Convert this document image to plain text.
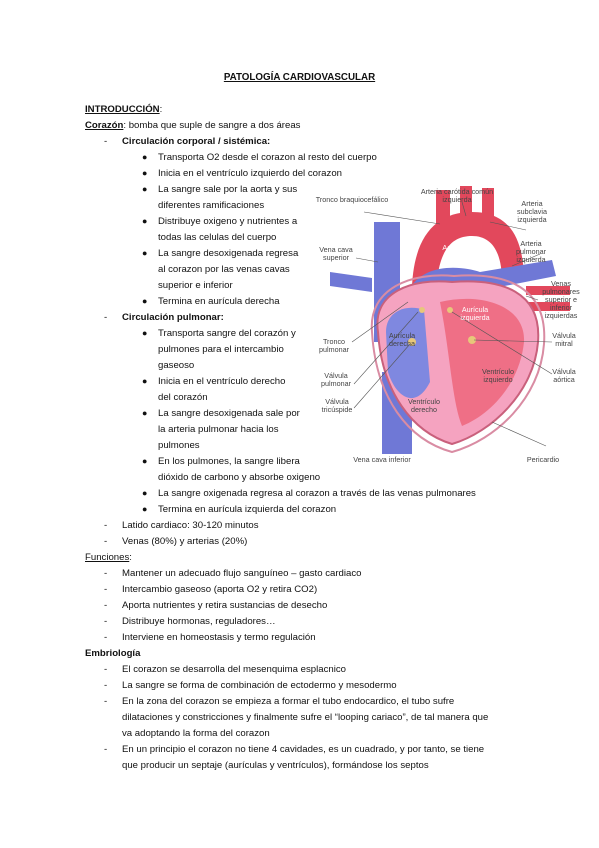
PATOLOGÍA CARDIOVASCULAR
INTRODUCCIÓN:
Corazón: bomba que suple de sangre a dos áreas
- Circulación corporal / sistémica:
● Transporta O2 desde el corazon al resto del cuerpo
● Inicia en el ventrículo izquierdo del corazon
● La sangre sale por la aorta y sus
diferentes ramificaciones
● Distribuye oxigeno y nutrientes a
todas las celulas del cuerpo
● La sangre desoxigenada regresa
al corazon por las venas cavas
superior e inferior
● Termina en aurícula derecha
- Circulación pulmonar:
● Transporta sangre del corazón y
pulmones para el intercambio
gaseoso
● Inicia en el ventrículo derecho
del corazón
● La sangre desoxigenada sale por
la arteria pulmonar hacia los
pulmones
● En los pulmones, la sangre libera
dióxido de carbono y absorbe oxigeno
● La sangre oxigenada regresa al corazon a través de las venas pulmonares
● Termina en aurícula izquierda del corazon
- Latido cardiaco: 30-120 minutos
- Venas (80%) y arterias (20%)
Funciones:
- Mantener un adecuado flujo sanguíneo – gasto cardiaco
- Intercambio gaseoso (aporta O2 y retira CO2)
- Aporta nutrientes y retira sustancias de desecho
- Distribuye hormonas, reguladores…
- Interviene en homeostasis y termo regulación
Embriología
- El corazon se desarrolla del mesenquima esplacnico
- La sangre se forma de combinación de ectodermo y mesodermo
- En la zona del corazon se empieza a formar el tubo endocardico, el tubo sufre
dilataciones y constricciones y finalmente sufre el “looping cariaco”, de tal manera que
va adoptando la forma del corazon
- En un principio el corazon no tiene 4 cavidades, es un cuadrado, y por tanto, se tiene
que producir un septaje (aurículas y ventrículos), formándose los septos
Tronco braquiocefálico
Arteria carótida común izquierda	Arteria subclavia izquierda
Vena cava superior
Aorta	Arteria pulmonar izquierda
Venas pulmonares superior e inferior izquierdas
Aurícula izquierda
Tronco pulmonar
Aurícula derecha
Válvula mitral
Válvula aórtica
Válvula pulmonar
Ventrículo izquierdo
Válvula tricúspide
Ventrículo derecho
Vena cava inferior	Pericardio
